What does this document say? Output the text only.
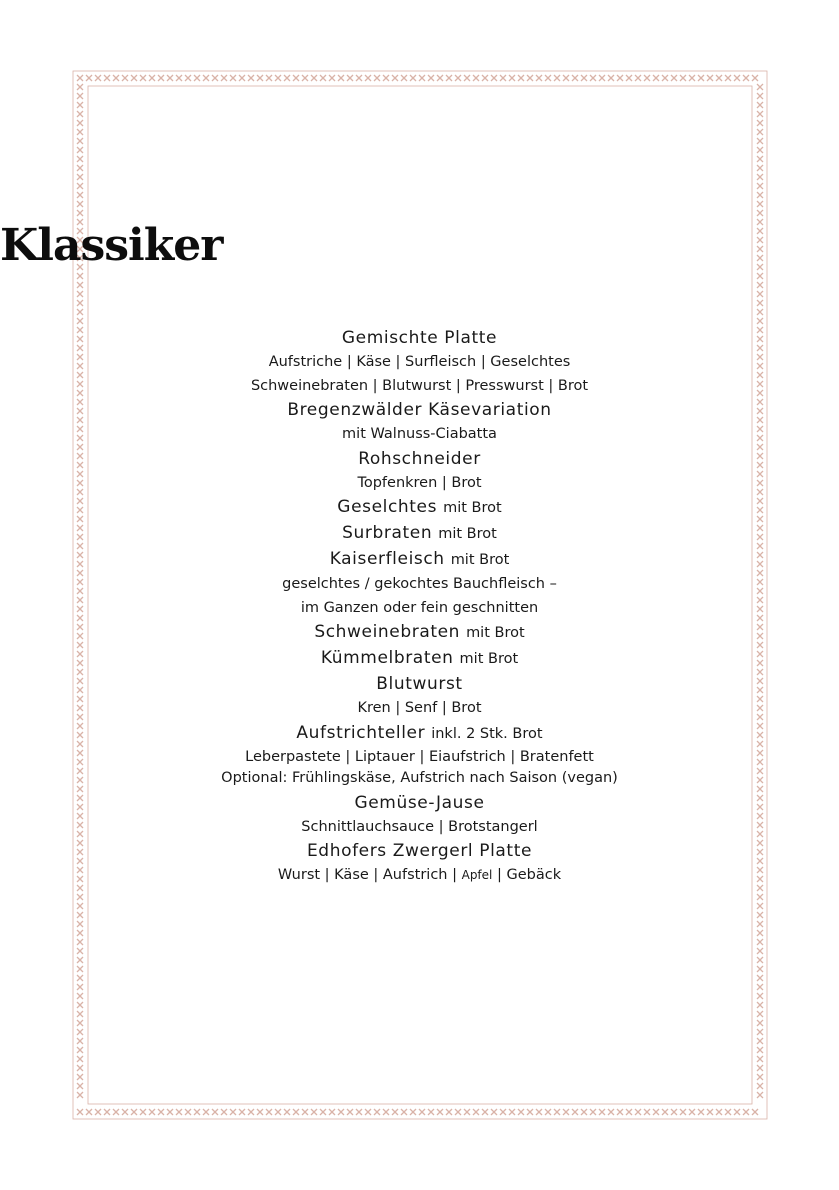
Klassiker
Gemischte Platte
Aufstriche | Käse | Surfleisch | Geselchtes
Schweinebraten | Blutwurst | Presswurst | Brot
Bregenzwälder Käsevariation
mit Walnuss-Ciabatta
Rohschneider
Topfenkren | Brot
Geselchtes mit Brot
Surbraten mit Brot
Kaiserfleisch mit Brot
geselchtes / gekochtes Bauchfleisch –
im Ganzen oder fein geschnitten
Schweinebraten mit Brot
Kümmelbraten mit Brot
Blutwurst
Kren | Senf | Brot
Aufstrichteller inkl. 2 Stk. Brot
Leberpastete | Liptauer | Eiaufstrich | Bratenfett
Optional: Frühlingskäse, Aufstrich nach Saison (vegan)
Gemüse-Jause
Schnittlauchsauce | Brotstangerl
Edhofers Zwergerl Platte
Wurst | Käse | Aufstrich | Apfel | Gebäck
